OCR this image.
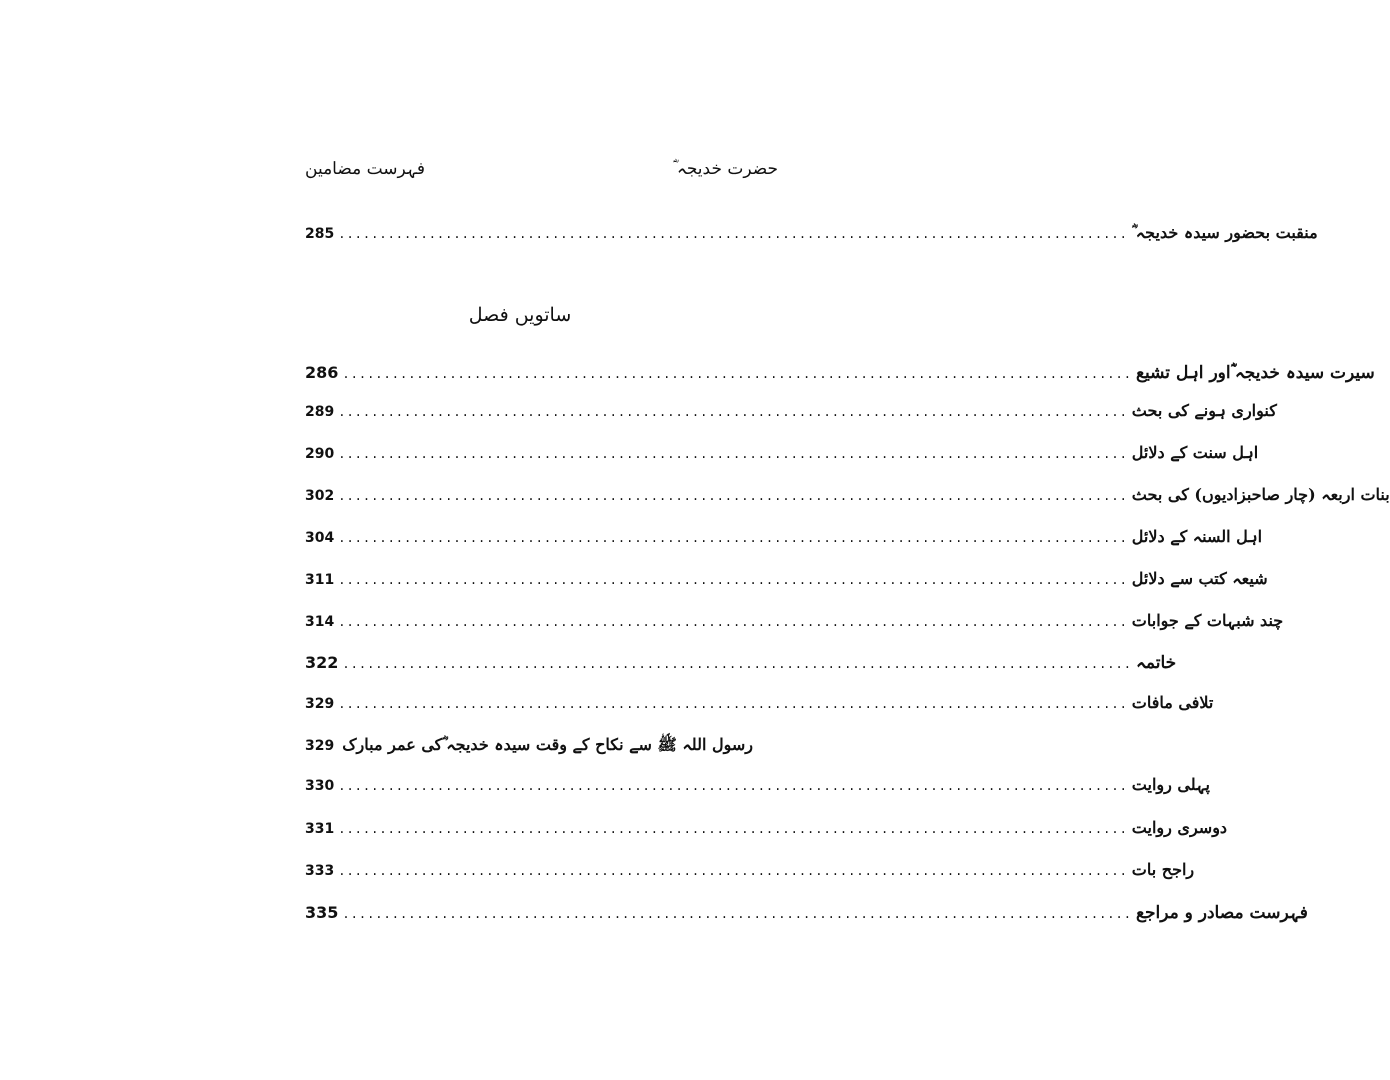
حضرت خدیجہ ؓ
فہرست مضامین
285 ................................................................................................ منقبت بحضور سیدہ خدیجہ ؓ
ساتویں فصل
286 ................................................................................................ سیرت سیدہ خدیجہ ؓاور اہل تشیع
289 ................................................................................................ کنواری ہونے کی بحث
290 ................................................................................................ اہل سنت کے دلائل
302 ................................................................................................ بنات اربعہ (چار صاحبزادیوں) کی بحث
304 ................................................................................................ اہل السنہ کے دلائل
311 ................................................................................................ شیعہ کتب سے دلائل
314 ................................................................................................ چند شبہات کے جوابات
322 ................................................................................................ خاتمہ
329 ................................................................................................ تلافی مافات
329 رسول اللہ ﷺ سے نکاح کے وقت سیدہ خدیجہ ؓکی عمر مبارک
330 ................................................................................................ پہلی روایت
331 ................................................................................................ دوسری روایت
333 ................................................................................................ راجح بات
335 ................................................................................................ فہرست مصادر و مراجع
